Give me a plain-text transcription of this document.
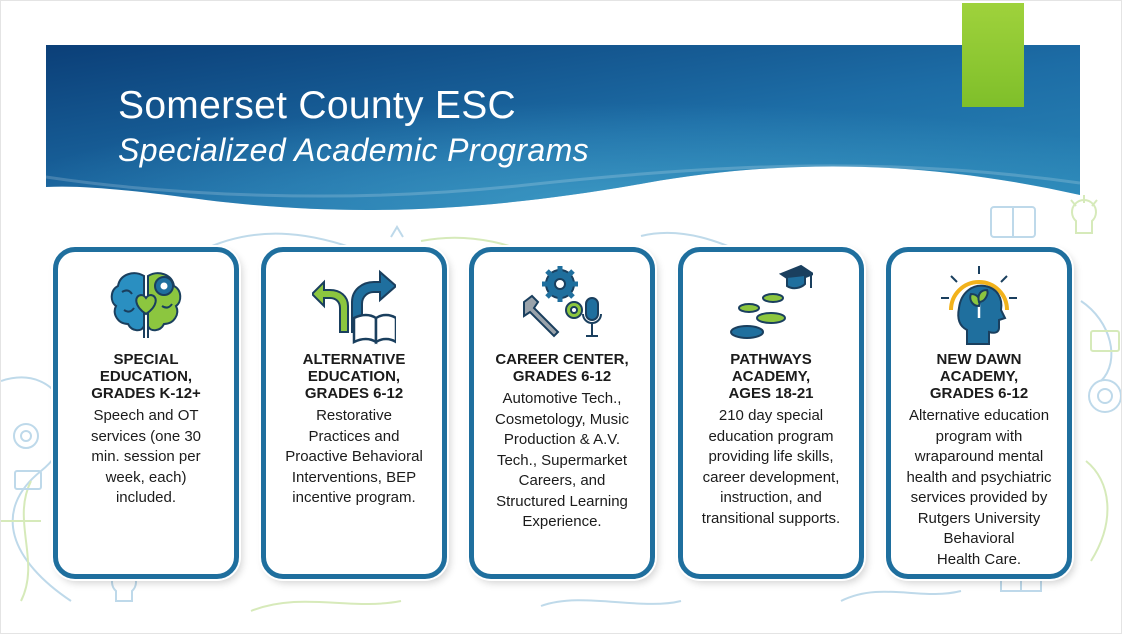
Somerset County ESC
Specialized Academic Programs
SPECIAL
EDUCATION,
GRADES K-12+
Speech and OT
services (one 30
min. session per
week, each)
included.
ALTERNATIVE
EDUCATION,
GRADES 6-12
Restorative
Practices and
Proactive Behavioral
Interventions, BEP
incentive program.
CAREER CENTER,
GRADES 6-12
Automotive Tech.,
Cosmetology, Music
Production & A.V.
Tech., Supermarket
Careers, and
Structured Learning
Experience.
PATHWAYS
ACADEMY,
AGES 18-21
210 day special
education program
providing life skills,
career development,
instruction, and
transitional supports.
NEW DAWN
ACADEMY,
GRADES 6-12
Alternative education
program with
wraparound mental
health and psychiatric
services provided by
Rutgers University
Behavioral
Health Care.
